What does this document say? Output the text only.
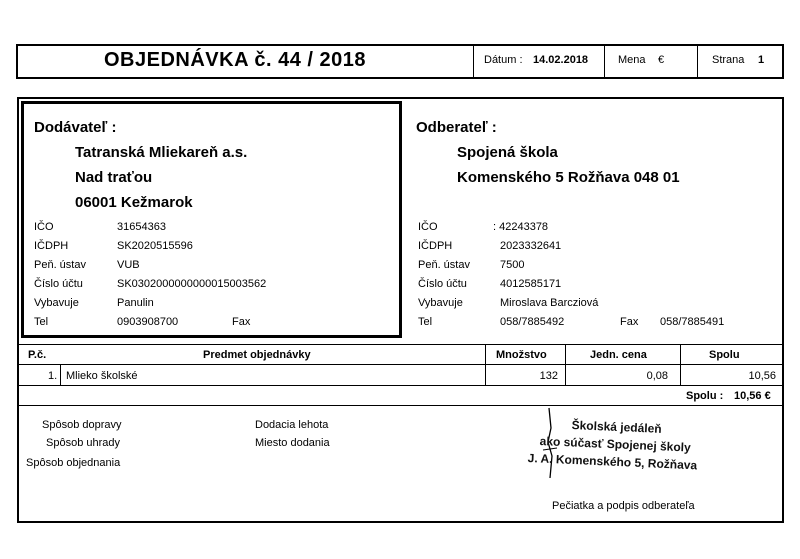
OBJEDNÁVKA č. 44 / 2018	Dátum : 14.02.2018	Mena €	Strana 1
Dodávateľ :
Tatranská Mliekareň a.s.
Nad traťou
06001 Kežmarok
IČO	31654363
IČDPH	SK2020515596
Peň. ústav	VUB
Číslo účtu	SK0302000000000015003562
Vybavuje	Panulin
Tel	0903908700	Fax
Odberateľ :
Spojená škola
Komenského 5 Rožňava 048 01
IČO	: 42243378
IČDPH	2023332641
Peň. ústav	7500
Číslo účtu	4012585171
Vybavuje	Miroslava Barcziová
Tel	058/7885492	Fax 058/7885491
P.č.	Predmet objednávky	Množstvo	Jedn. cena	Spolu
1. Mlieko školské	132	0,08	10,56
Spolu : 10,56 €
Spôsob dopravy
Spôsob uhrady
Spôsob objednania
Dodacia lehota
Miesto dodania
Školská jedáleň
ako súčasť Spojenej školy
J. A. Komenského 5, Rožňava
Pečiatka a podpis odberateľa
